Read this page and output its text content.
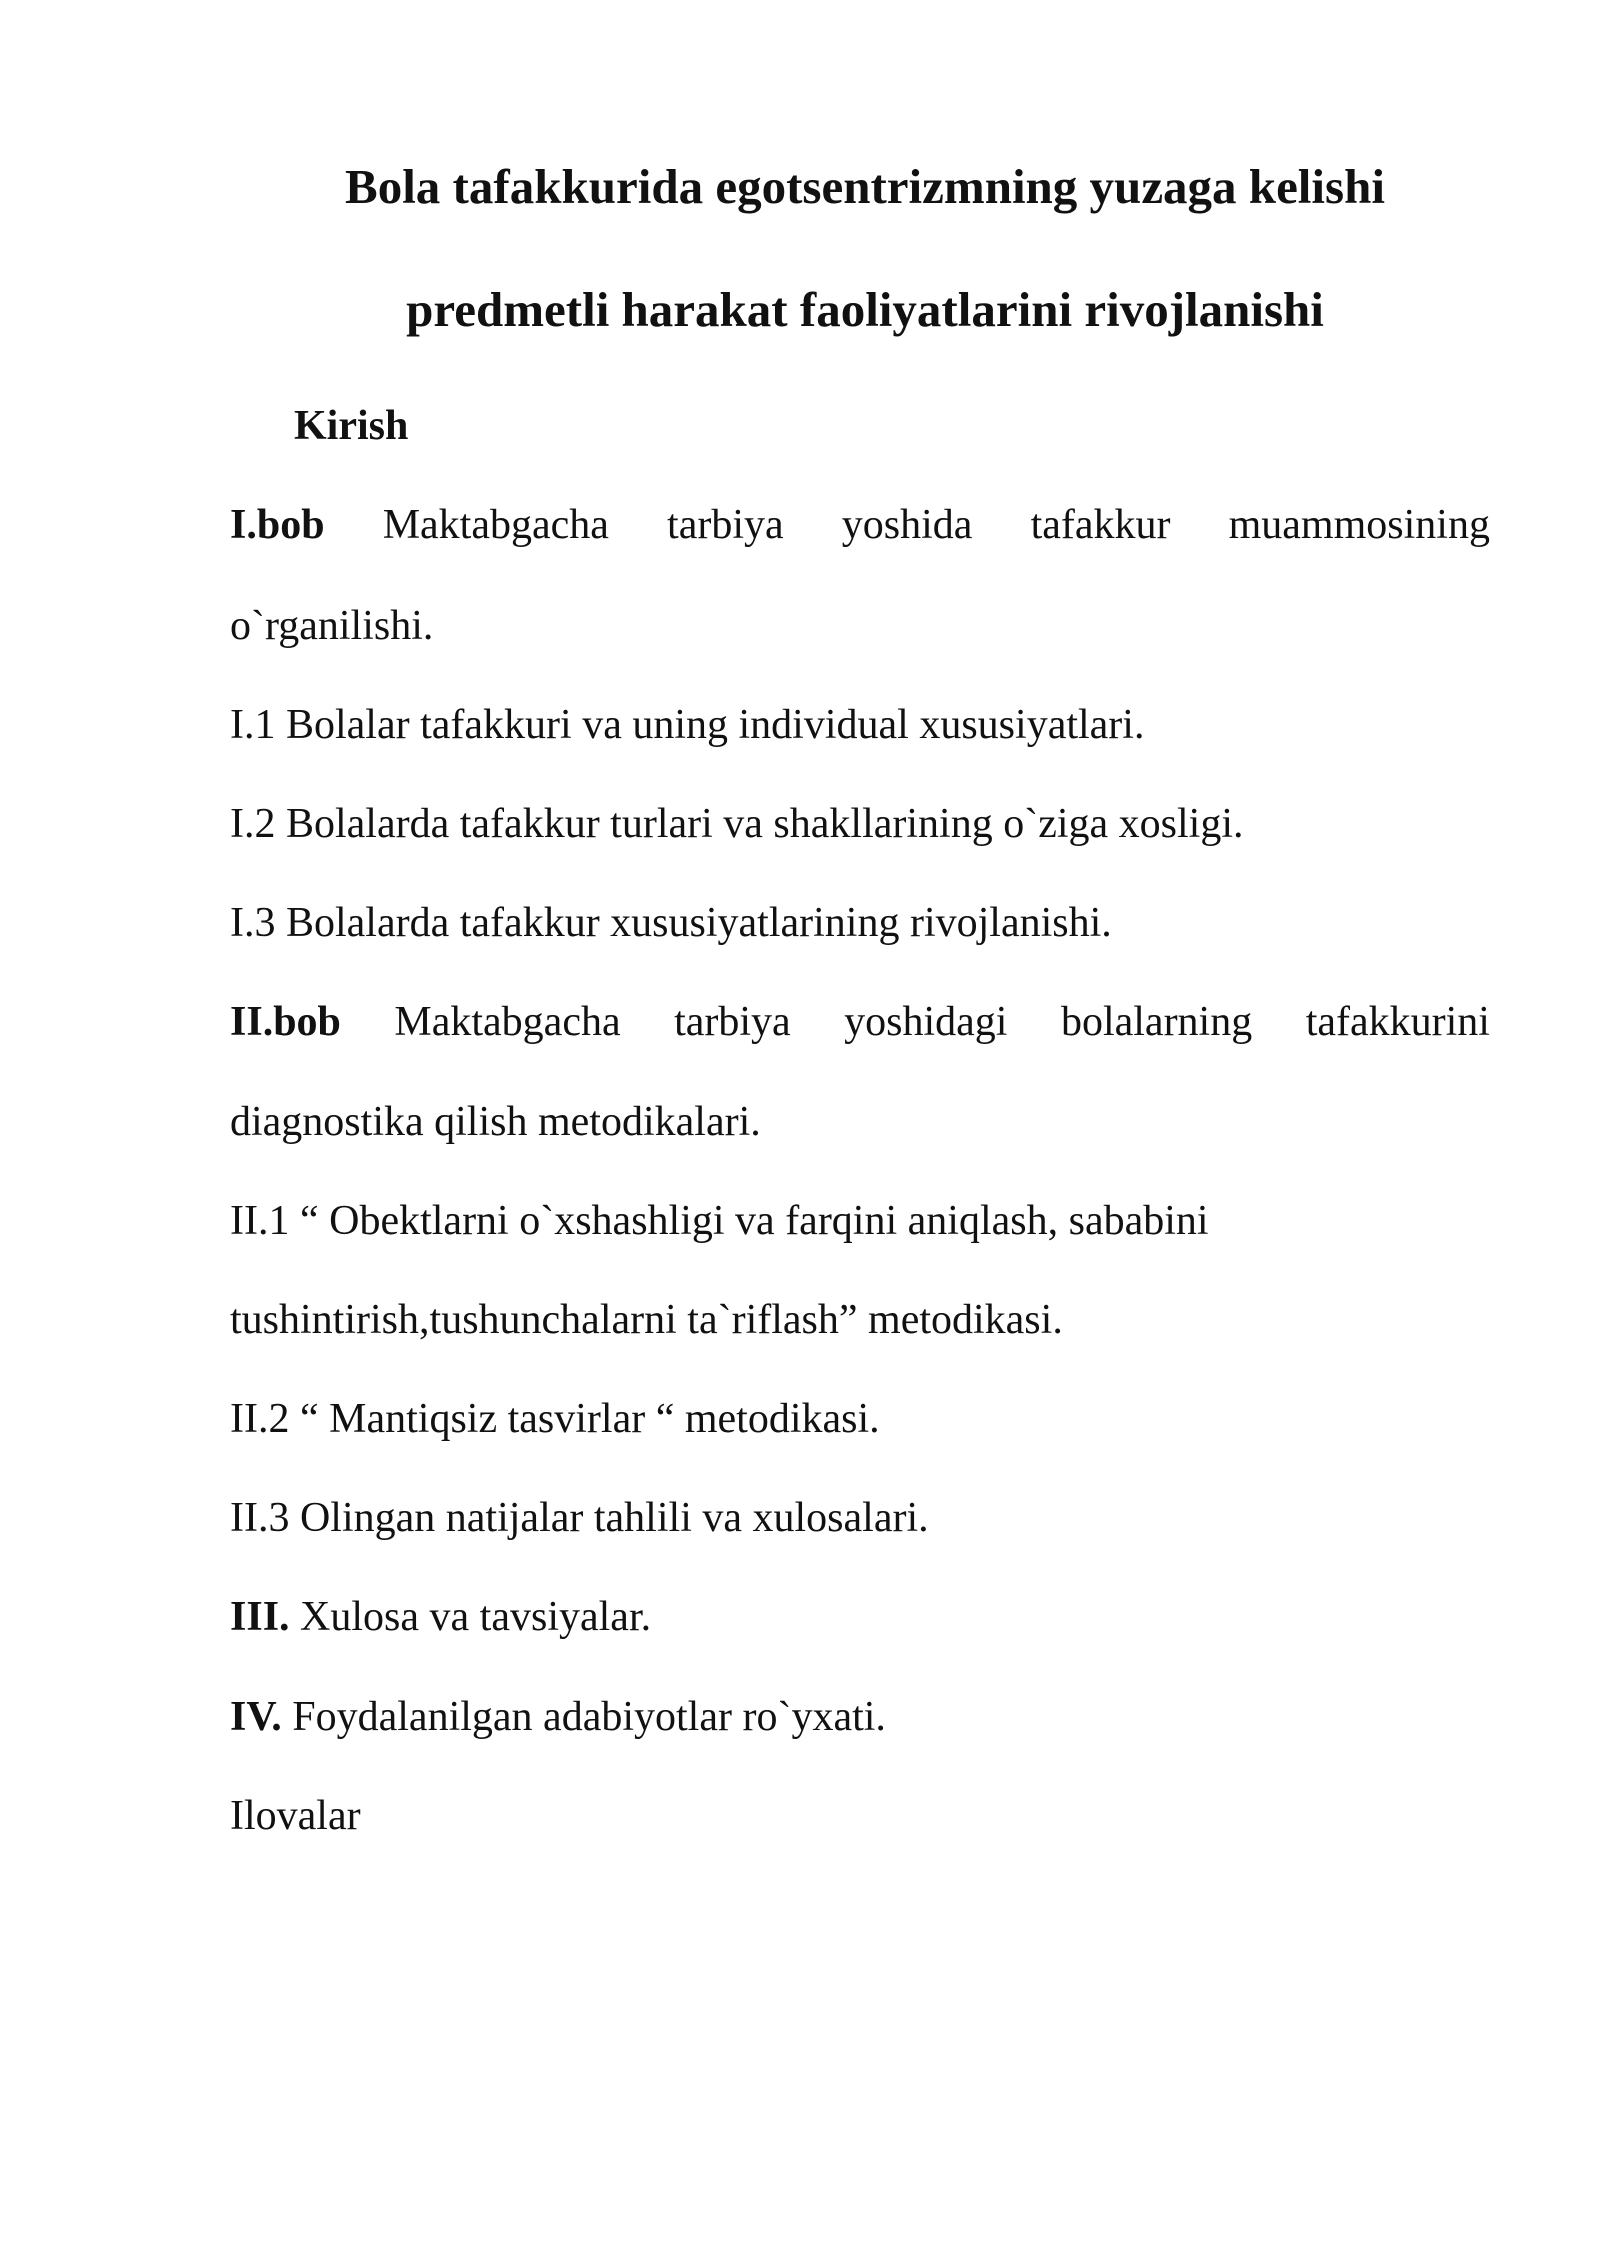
Bola tafakkurida egotsentrizmning yuzaga kelishi
predmetli harakat faoliyatlarini rivojlanishi

Kirish

I.bob Maktabgacha tarbiya yoshida tafakkur muammosining

o`rganilishi.

I.1 Bolalar tafakkuri va uning individual xususiyatlari.

I.2 Bolalarda tafakkur turlari va shakllarining o`ziga xosligi.

I.3 Bolalarda tafakkur xususiyatlarining rivojlanishi.

II.bob Maktabgacha tarbiya yoshidagi bolalarning tafakkurini

diagnostika qilish metodikalari.

II.1 “ Obektlarni o`xshashligi va farqini aniqlash, sababini

tushintirish,tushunchalarni ta`riflash” metodikasi.

II.2 “ Mantiqsiz tasvirlar “ metodikasi.

II.3 Olingan natijalar tahlili va xulosalari.

III. Xulosa va tavsiyalar.

IV. Foydalanilgan adabiyotlar ro`yxati.

Ilovalar
